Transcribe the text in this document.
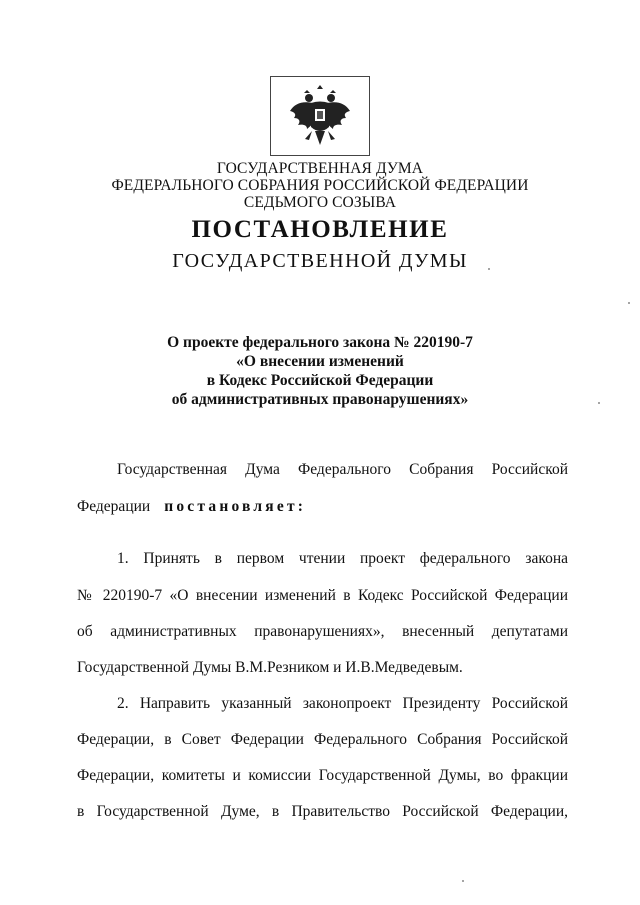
ГОСУДАРСТВЕННАЯ ДУМА
ФЕДЕРАЛЬНОГО СОБРАНИЯ РОССИЙСКОЙ ФЕДЕРАЦИИ
СЕДЬМОГО СОЗЫВА
ПОСТАНОВЛЕНИЕ
ГОСУДАРСТВЕННОЙ ДУМЫ
О проекте федерального закона № 220190-7
«О внесении изменений
в Кодекс Российской Федерации
об административных правонарушениях»
Государственная Дума Федерального Собрания Российской
Федерации постановляет:
1. Принять в первом чтении проект федерального закона
№ 220190-7 «О внесении изменений в Кодекс Российской Федерации
об административных правонарушениях», внесенный депутатами
Государственной Думы В.М.Резником и И.В.Медведевым.
2. Направить указанный законопроект Президенту Российской
Федерации, в Совет Федерации Федерального Собрания Российской
Федерации, комитеты и комиссии Государственной Думы, во фракции
в Государственной Думе, в Правительство Российской Федерации,
